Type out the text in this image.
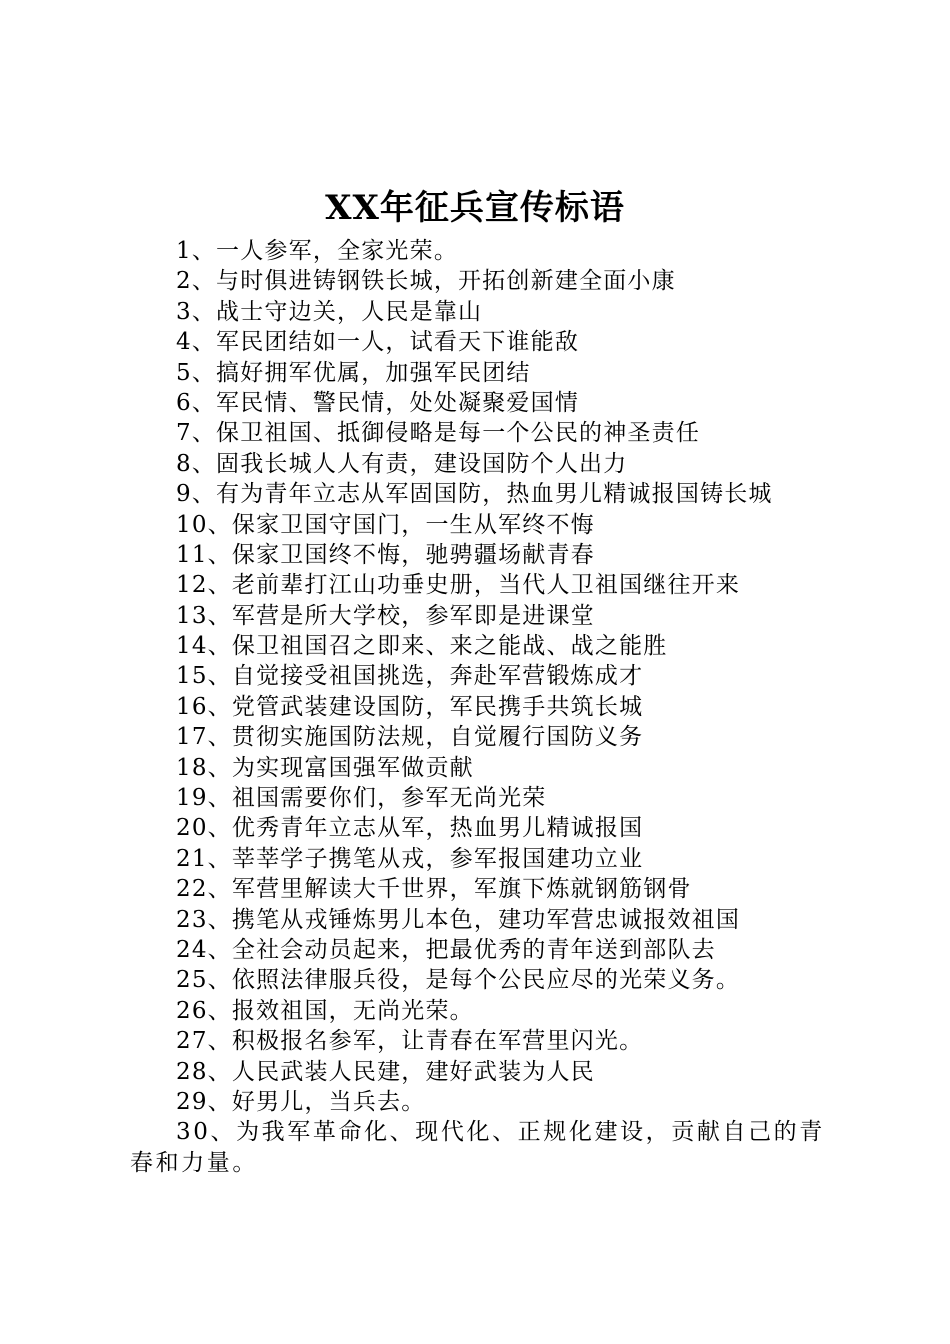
XX年征兵宣传标语
1、一人参军，全家光荣。
2、与时俱进铸钢铁长城，开拓创新建全面小康
3、战士守边关，人民是靠山
4、军民团结如一人，试看天下谁能敌
5、搞好拥军优属，加强军民团结
6、军民情、警民情，处处凝聚爱国情
7、保卫祖国、抵御侵略是每一个公民的神圣责任
8、固我长城人人有责，建设国防个人出力
9、有为青年立志从军固国防，热血男儿精诚报国铸长城
10、保家卫国守国门，一生从军终不悔
11、保家卫国终不悔，驰骋疆场献青春
12、老前辈打江山功垂史册，当代人卫祖国继往开来
13、军营是所大学校，参军即是进课堂
14、保卫祖国召之即来、来之能战、战之能胜
15、自觉接受祖国挑选，奔赴军营锻炼成才
16、党管武装建设国防，军民携手共筑长城
17、贯彻实施国防法规，自觉履行国防义务
18、为实现富国强军做贡献
19、祖国需要你们，参军无尚光荣
20、优秀青年立志从军，热血男儿精诚报国
21、莘莘学子携笔从戎，参军报国建功立业
22、军营里解读大千世界，军旗下炼就钢筋钢骨
23、携笔从戎锤炼男儿本色，建功军营忠诚报效祖国
24、全社会动员起来，把最优秀的青年送到部队去
25、依照法律服兵役，是每个公民应尽的光荣义务。
26、报效祖国，无尚光荣。
27、积极报名参军，让青春在军营里闪光。
28、人民武装人民建，建好武装为人民
29、好男儿，当兵去。
30、为我军革命化、现代化、正规化建设，贡献自己的青春和力量。
